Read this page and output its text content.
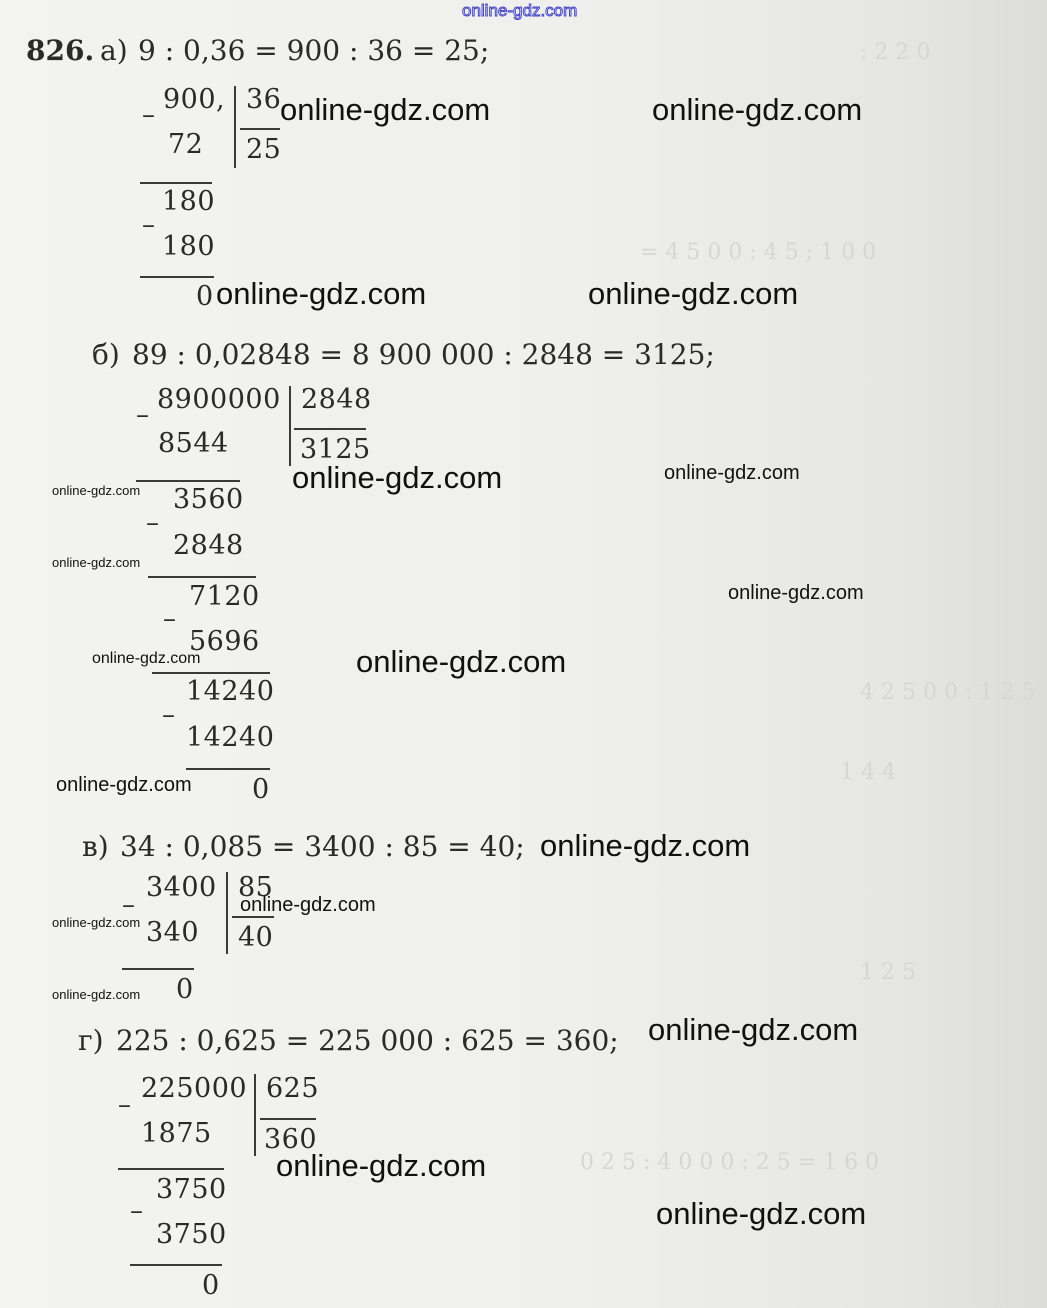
: 2 2 0
= 4 5 0 0 : 4 5 ; 1 0 0
4 2 5 0 0 : 1 2 5
1 4 4
1 2 5
0 2 5 : 4 0 0 0 : 2 5 = 1 6 0
online-gdz.com
826. а) 9 : 0,36 = 900 : 36 = 25;
– 900, 36
25
72
–
180
180
0
б) 89 : 0,02848 = 8 900 000 : 2848 = 3125;
– 8900000 2848
3125
8544
–
3560
2848
–
7120
5696
–
14240
14240
0
в) 34 : 0,085 = 3400 : 85 = 40;
–
3400 85
40
340
0
г) 225 : 0,625 = 225 000 : 625 = 360;
–
225000 625
360
1875
–
3750
3750
0
online-gdz.com	online-gdz.com
online-gdz.com	online-gdz.com
online-gdz.com	online-gdz.com
online-gdz.com
online-gdz.com
online-gdz.com
online-gdz.com	online-gdz.com
online-gdz.com
online-gdz.com
online-gdz.com
online-gdz.com
online-gdz.com
online-gdz.com
online-gdz.com
online-gdz.com
